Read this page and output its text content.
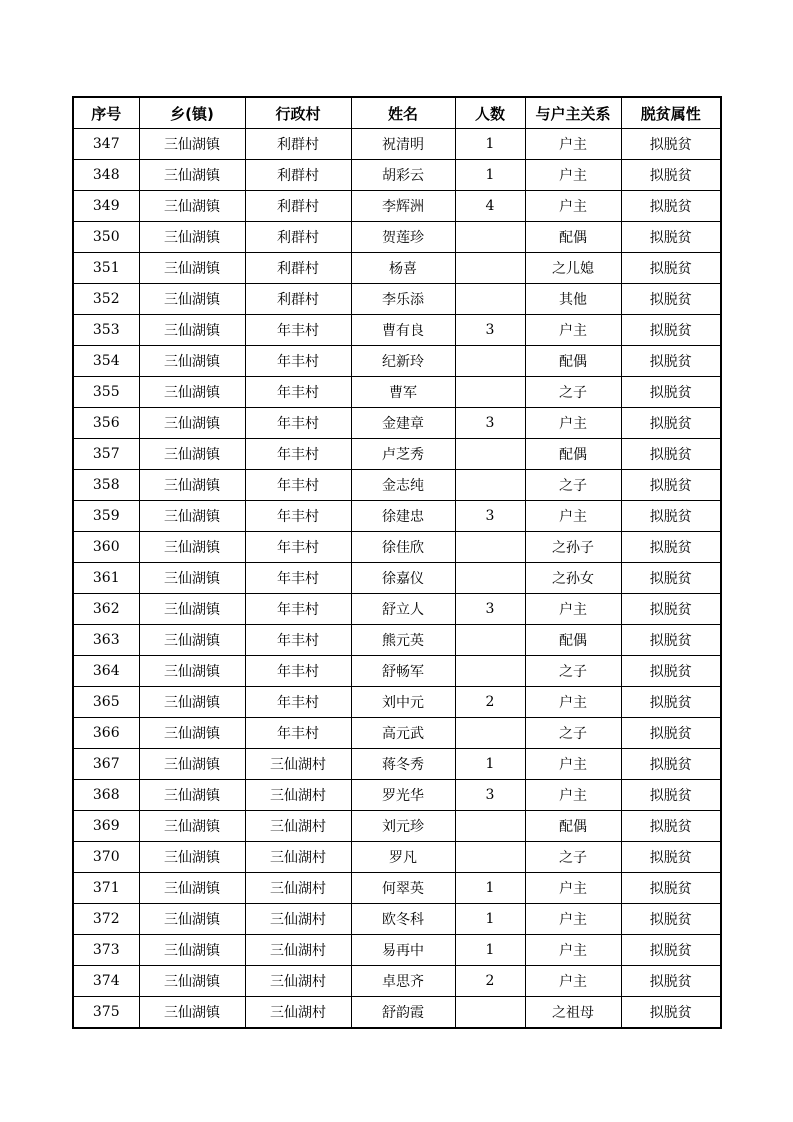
序号	乡(镇)	行政村	姓名	人数	与户主关系	脱贫属性
347	三仙湖镇	利群村	祝清明	1	户主	拟脱贫
348	三仙湖镇	利群村	胡彩云	1	户主	拟脱贫
349	三仙湖镇	利群村	李辉洲	4	户主	拟脱贫
350	三仙湖镇	利群村	贺莲珍		配偶	拟脱贫
351	三仙湖镇	利群村	杨喜		之儿媳	拟脱贫
352	三仙湖镇	利群村	李乐添		其他	拟脱贫
353	三仙湖镇	年丰村	曹有良	3	户主	拟脱贫
354	三仙湖镇	年丰村	纪新玲		配偶	拟脱贫
355	三仙湖镇	年丰村	曹军		之子	拟脱贫
356	三仙湖镇	年丰村	金建章	3	户主	拟脱贫
357	三仙湖镇	年丰村	卢芝秀		配偶	拟脱贫
358	三仙湖镇	年丰村	金志纯		之子	拟脱贫
359	三仙湖镇	年丰村	徐建忠	3	户主	拟脱贫
360	三仙湖镇	年丰村	徐佳欣		之孙子	拟脱贫
361	三仙湖镇	年丰村	徐嘉仪		之孙女	拟脱贫
362	三仙湖镇	年丰村	舒立人	3	户主	拟脱贫
363	三仙湖镇	年丰村	熊元英		配偶	拟脱贫
364	三仙湖镇	年丰村	舒畅军		之子	拟脱贫
365	三仙湖镇	年丰村	刘中元	2	户主	拟脱贫
366	三仙湖镇	年丰村	高元武		之子	拟脱贫
367	三仙湖镇	三仙湖村	蒋冬秀	1	户主	拟脱贫
368	三仙湖镇	三仙湖村	罗光华	3	户主	拟脱贫
369	三仙湖镇	三仙湖村	刘元珍		配偶	拟脱贫
370	三仙湖镇	三仙湖村	罗凡		之子	拟脱贫
371	三仙湖镇	三仙湖村	何翠英	1	户主	拟脱贫
372	三仙湖镇	三仙湖村	欧冬科	1	户主	拟脱贫
373	三仙湖镇	三仙湖村	易再中	1	户主	拟脱贫
374	三仙湖镇	三仙湖村	卓思齐	2	户主	拟脱贫
375	三仙湖镇	三仙湖村	舒韵霞		之祖母	拟脱贫
